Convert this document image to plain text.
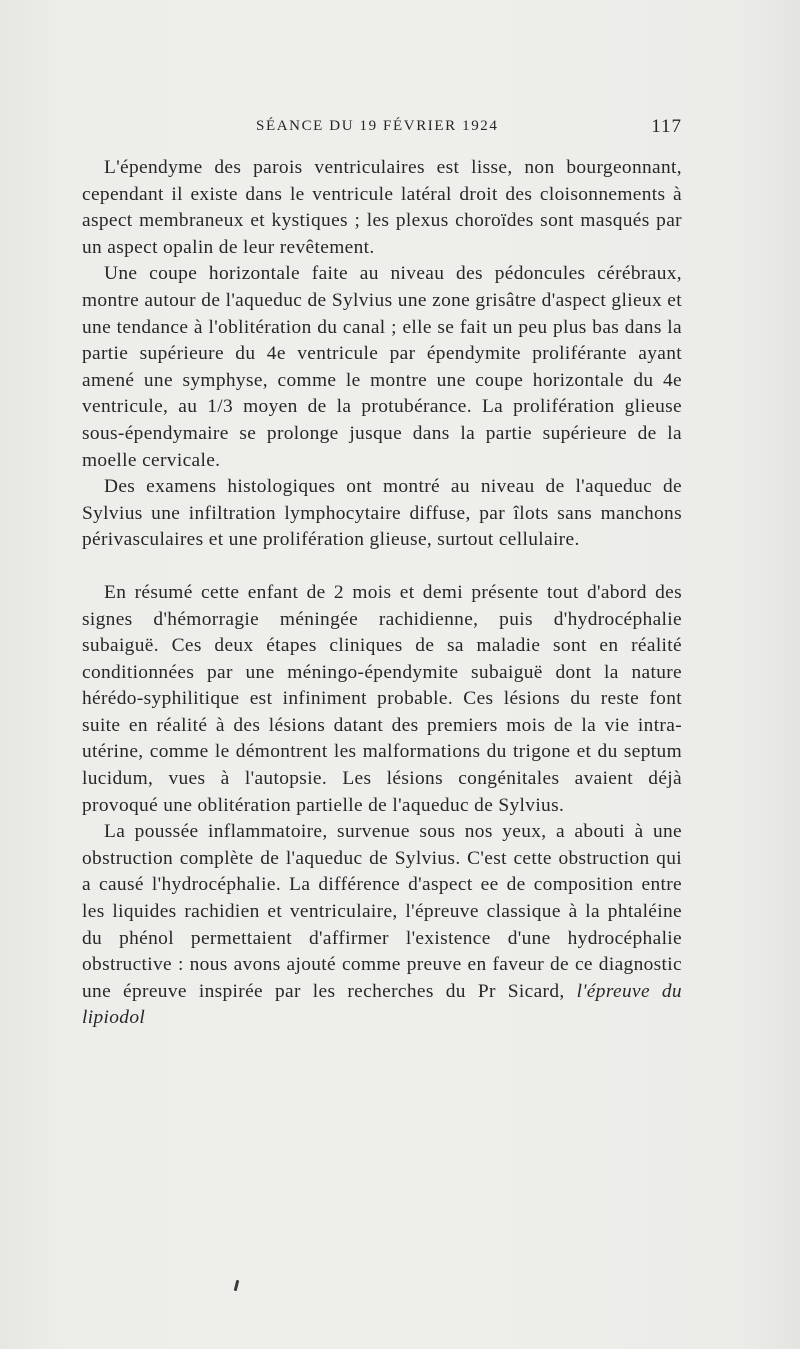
SÉANCE DU 19 FÉVRIER 1924	117

L'épendyme des parois ventriculaires est lisse, non bourgeonnant, cependant il existe dans le ventricule latéral droit des cloisonnements à aspect membraneux et kystiques ; les plexus choroïdes sont masqués par un aspect opalin de leur revêtement.

Une coupe horizontale faite au niveau des pédoncules cérébraux, montre autour de l'aqueduc de Sylvius une zone grisâtre d'aspect glieux et une tendance à l'oblitération du canal ; elle se fait un peu plus bas dans la partie supérieure du 4e ventricule par épendymite proliférante ayant amené une symphyse, comme le montre une coupe horizontale du 4e ventricule, au 1/3 moyen de la protubérance. La prolifération glieuse sous-épendymaire se prolonge jusque dans la partie supérieure de la moelle cervicale.

Des examens histologiques ont montré au niveau de l'aqueduc de Sylvius une infiltration lymphocytaire diffuse, par îlots sans manchons périvasculaires et une prolifération glieuse, surtout cellulaire.

En résumé cette enfant de 2 mois et demi présente tout d'abord des signes d'hémorragie méningée rachidienne, puis d'hydrocéphalie subaiguë. Ces deux étapes cliniques de sa maladie sont en réalité conditionnées par une méningo-épendymite subaiguë dont la nature hérédo-syphilitique est infiniment probable. Ces lésions du reste font suite en réalité à des lésions datant des premiers mois de la vie intra-utérine, comme le démontrent les malformations du trigone et du septum lucidum, vues à l'autopsie. Les lésions congénitales avaient déjà provoqué une oblitération partielle de l'aqueduc de Sylvius.

La poussée inflammatoire, survenue sous nos yeux, a abouti à une obstruction complète de l'aqueduc de Sylvius. C'est cette obstruction qui a causé l'hydrocéphalie. La différence d'aspect ee de composition entre les liquides rachidien et ventriculaire, l'épreuve classique à la phtaléine du phénol permettaient d'affirmer l'existence d'une hydrocéphalie obstructive : nous avons ajouté comme preuve en faveur de ce diagnostic une épreuve inspirée par les recherches du Pr Sicard, l'épreuve du lipiodol
